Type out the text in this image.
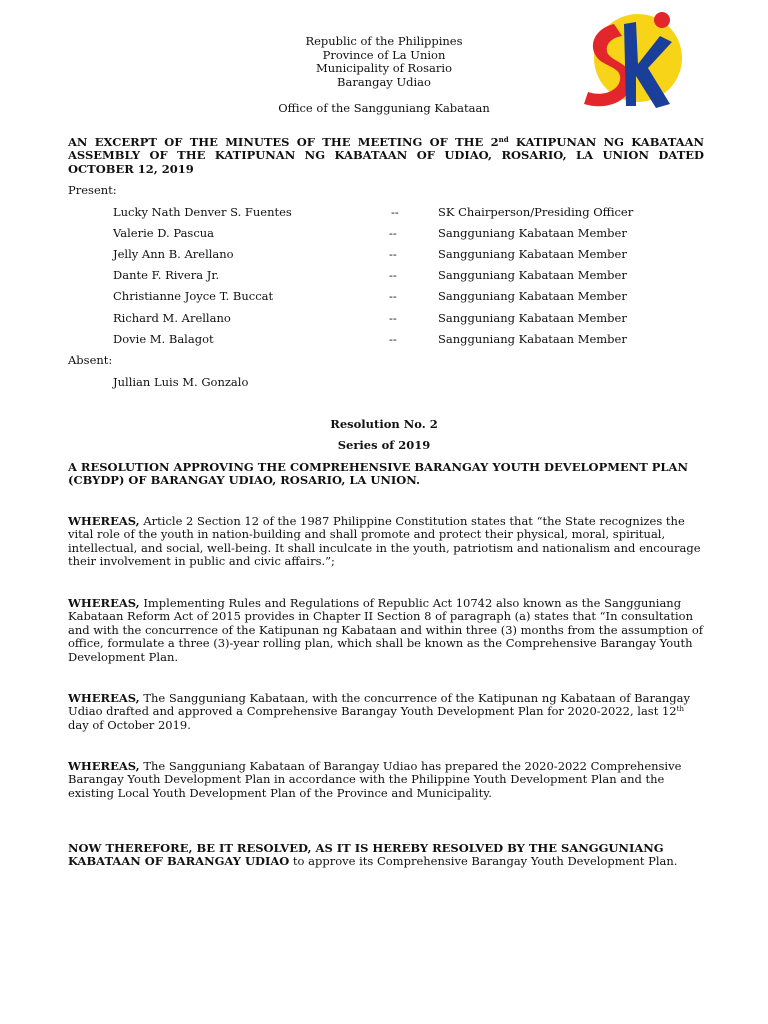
Republic of the Philippines
Province of La Union
Municipality of Rosario
Barangay Udiao
Office of the Sangguniang Kabataan
AN EXCERPT OF THE MINUTES OF THE MEETING OF THE 2nd KATIPUNAN NG KABATAAN ASSEMBLY OF THE KATIPUNAN NG KABATAAN OF UDIAO, ROSARIO, LA UNION DATED OCTOBER 12, 2019
Present:
Lucky Nath Denver S. Fuentes	--	SK Chairperson/Presiding Officer
Valerie D. Pascua	--	Sangguniang Kabataan Member
Jelly Ann B. Arellano	--	Sangguniang Kabataan Member
Dante F. Rivera Jr.	--	Sangguniang Kabataan Member
Christianne Joyce T. Buccat	--	Sangguniang Kabataan Member
Richard M. Arellano	--	Sangguniang Kabataan Member
Dovie M. Balagot	--	Sangguniang Kabataan Member
Absent:
Jullian Luis M. Gonzalo
Resolution No. 2
Series of 2019
A RESOLUTION APPROVING THE COMPREHENSIVE BARANGAY YOUTH DEVELOPMENT PLAN (CBYDP) OF BARANGAY UDIAO, ROSARIO, LA UNION.
WHEREAS, Article 2 Section 12 of the 1987 Philippine Constitution states that “the State recognizes the vital role of the youth in nation-building and shall promote and protect their physical, moral, spiritual, intellectual, and social, well-being. It shall inculcate in the youth, patriotism and nationalism and encourage their involvement in public and civic affairs.”;
WHEREAS, Implementing Rules and Regulations of Republic Act 10742 also known as the Sangguniang Kabataan Reform Act of 2015 provides in Chapter II Section 8 of paragraph (a) states that “In consultation and with the concurrence of the Katipunan ng Kabataan and within three (3) months from the assumption of office, formulate a three (3)-year rolling plan, which shall be known as the Comprehensive Barangay Youth Development Plan.
WHEREAS, The Sangguniang Kabataan, with the concurrence of the Katipunan ng Kabataan of Barangay Udiao drafted and approved a Comprehensive Barangay Youth Development Plan for 2020-2022, last 12th day of October 2019.
WHEREAS, The Sangguniang Kabataan of Barangay Udiao has prepared the 2020-2022 Comprehensive Barangay Youth Development Plan in accordance with the Philippine Youth Development Plan and the existing Local Youth Development Plan of the Province and Municipality.
NOW THEREFORE, BE IT RESOLVED, AS IT IS HEREBY RESOLVED BY THE SANGGUNIANG KABATAAN OF BARANGAY UDIAO to approve its Comprehensive Barangay Youth Development Plan.
